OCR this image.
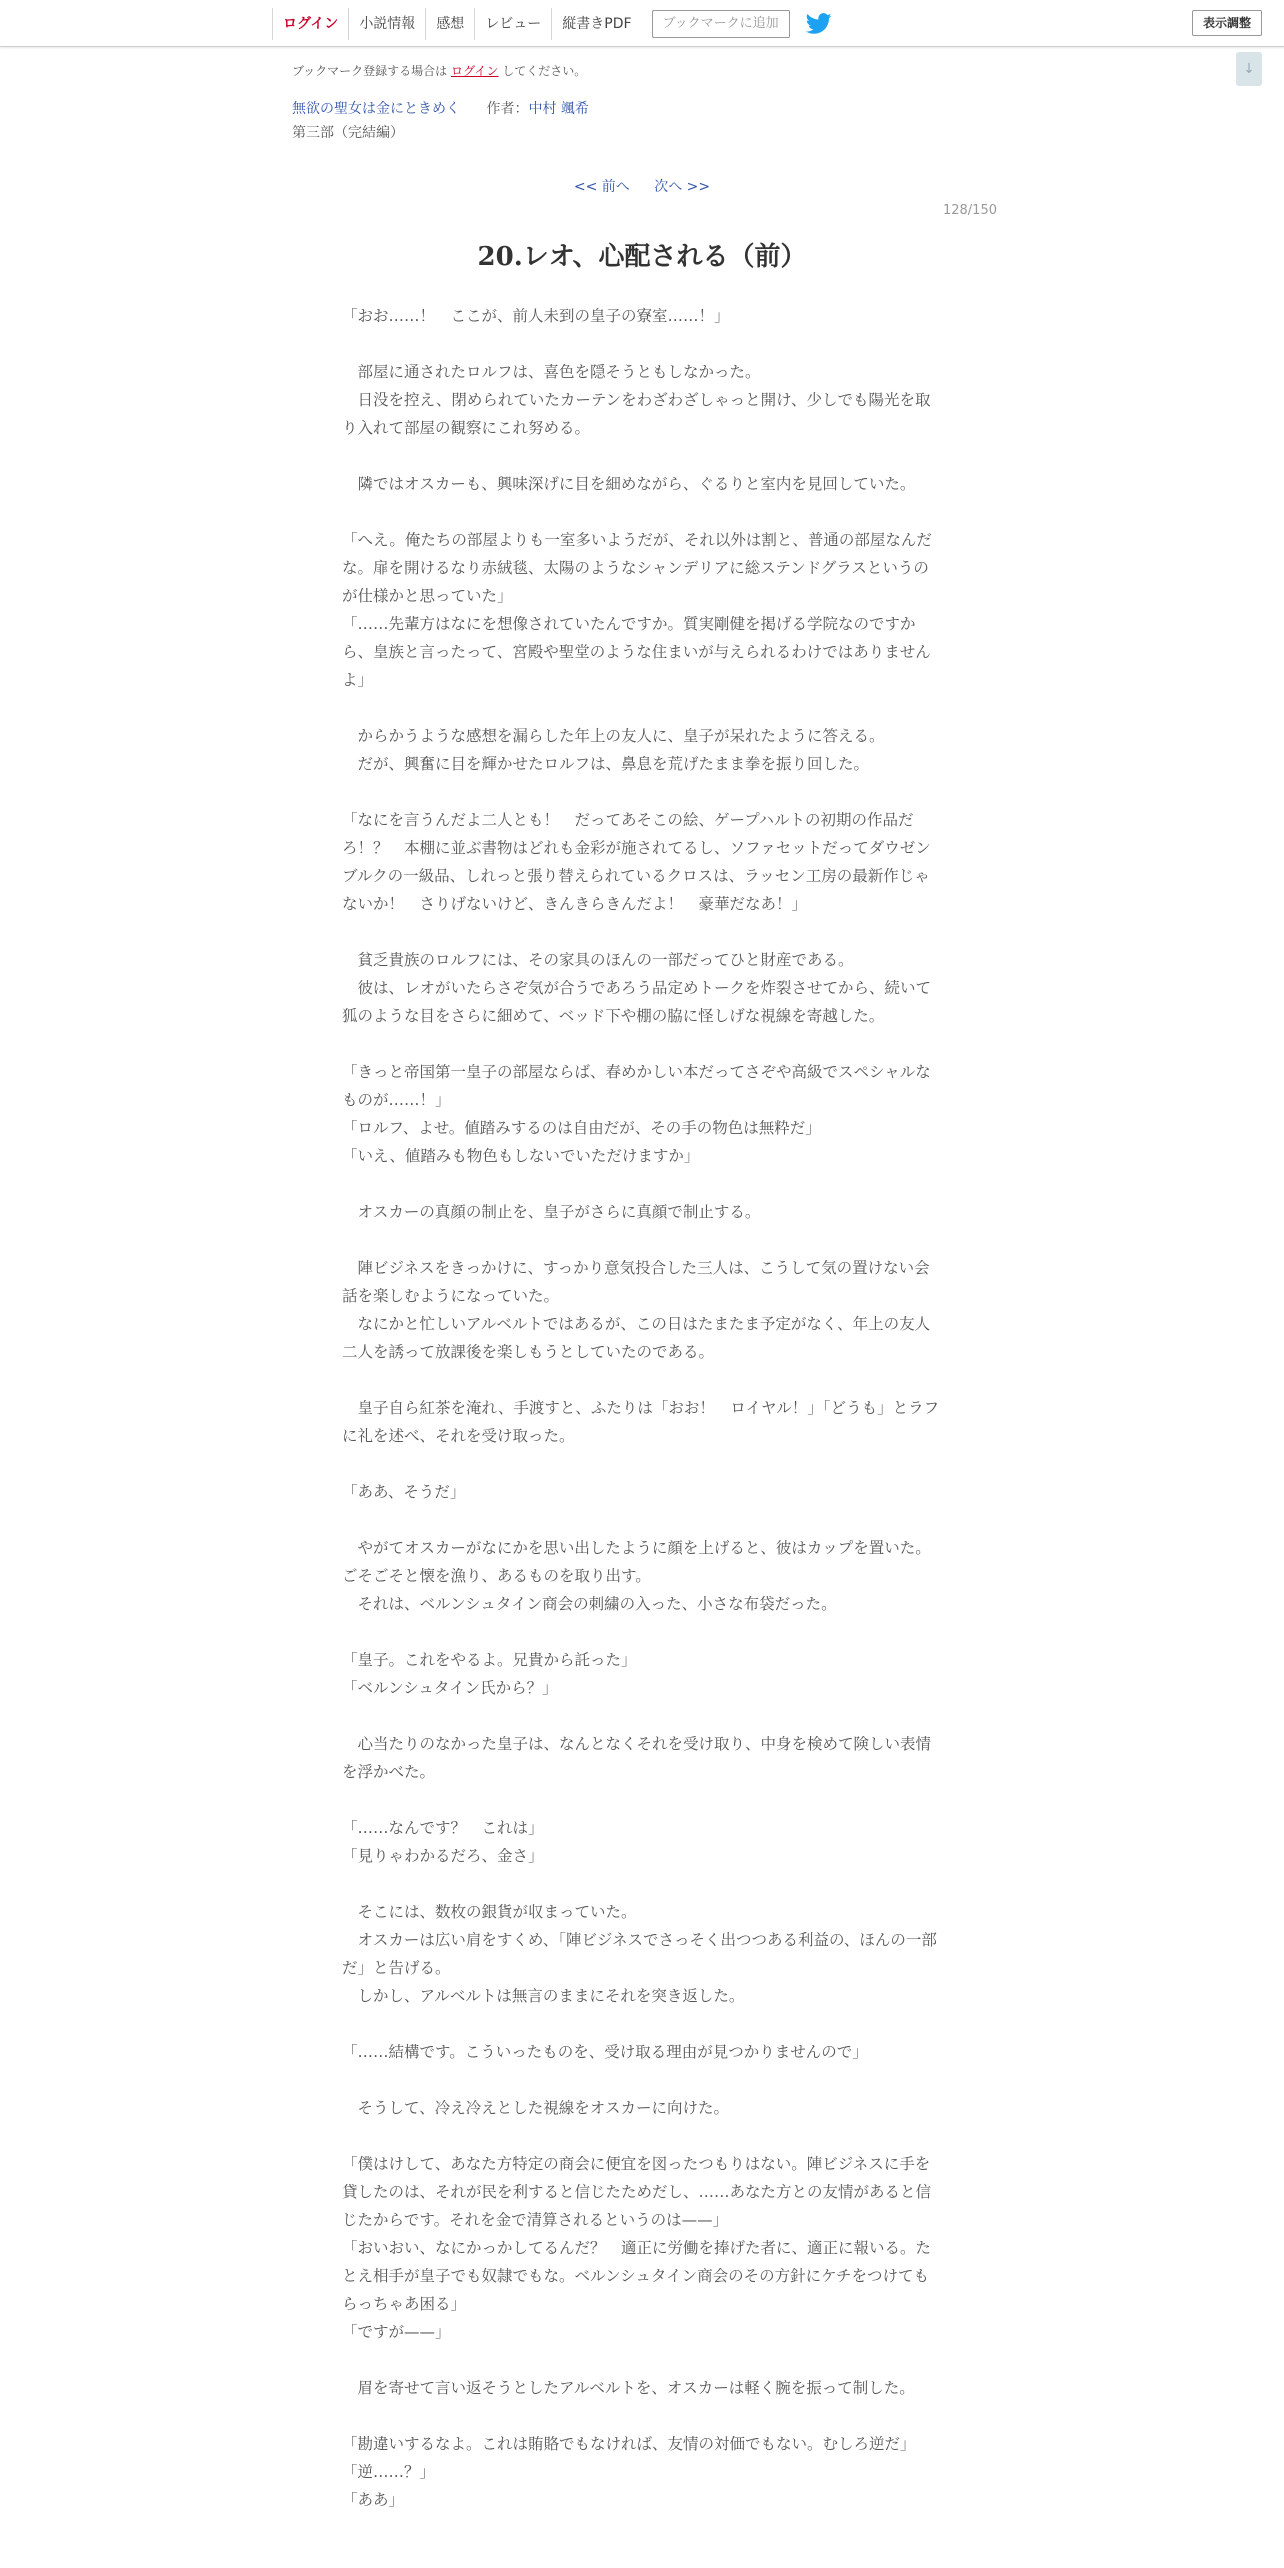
ログイン	小説情報	感想	レビュー	縦書きPDF	ブックマークに追加	表示調整
↓
ブックマーク登録する場合は ログイン してください。
無欲の聖女は金にときめく 作者：中村 颯希
第三部（完結編）
<< 前へ 次へ >>
128/150
20.レオ、心配される（前）

「おお……！　ここが、前人未到の皇子の寮室……！」

　部屋に通されたロルフは、喜色を隠そうともしなかった。

　日没を控え、閉められていたカーテンをわざわざしゃっと開け、少しでも陽光を取り入れて部屋の観察にこれ努める。

　隣ではオスカーも、興味深げに目を細めながら、ぐるりと室内を見回していた。

「へえ。俺たちの部屋よりも一室多いようだが、それ以外は割と、普通の部屋なんだな。扉を開けるなり赤絨毯、太陽のようなシャンデリアに総ステンドグラスというのが仕様かと思っていた」

「……先輩方はなにを想像されていたんですか。質実剛健を掲げる学院なのですから、皇族と言ったって、宮殿や聖堂のような住まいが与えられるわけではありませんよ」

　からかうような感想を漏らした年上の友人に、皇子が呆れたように答える。

　だが、興奮に目を輝かせたロルフは、鼻息を荒げたまま拳を振り回した。

「なにを言うんだよ二人とも！　だってあそこの絵、ゲープハルトの初期の作品だろ！？　本棚に並ぶ書物はどれも金彩が施されてるし、ソファセットだってダウゼンブルクの一級品、しれっと張り替えられているクロスは、ラッセン工房の最新作じゃないか！　さりげないけど、きんきらきんだよ！　豪華だなあ！」

　貧乏貴族のロルフには、その家具のほんの一部だってひと財産である。

　彼は、レオがいたらさぞ気が合うであろう品定めトークを炸裂させてから、続いて狐のような目をさらに細めて、ベッド下や棚の脇に怪しげな視線を寄越した。

「きっと帝国第一皇子の部屋ならば、春めかしい本だってさぞや高級でスペシャルなものが……！」

「ロルフ、よせ。値踏みするのは自由だが、その手の物色は無粋だ」

「いえ、値踏みも物色もしないでいただけますか」

　オスカーの真顔の制止を、皇子がさらに真顔で制止する。

　陣ビジネスをきっかけに、すっかり意気投合した三人は、こうして気の置けない会話を楽しむようになっていた。

　なにかと忙しいアルベルトではあるが、この日はたまたま予定がなく、年上の友人二人を誘って放課後を楽しもうとしていたのである。

　皇子自ら紅茶を淹れ、手渡すと、ふたりは「おお！　ロイヤル！」「どうも」とラフに礼を述べ、それを受け取った。

「ああ、そうだ」

　やがてオスカーがなにかを思い出したように顔を上げると、彼はカップを置いた。

ごそごそと懐を漁り、あるものを取り出す。

　それは、ベルンシュタイン商会の刺繍の入った、小さな布袋だった。

「皇子。これをやるよ。兄貴から託った」

「ベルンシュタイン氏から？」

　心当たりのなかった皇子は、なんとなくそれを受け取り、中身を検めて険しい表情を浮かべた。

「……なんです？　これは」

「見りゃわかるだろ、金さ」

　そこには、数枚の銀貨が収まっていた。

　オスカーは広い肩をすくめ、「陣ビジネスでさっそく出つつある利益の、ほんの一部だ」と告げる。

　しかし、アルベルトは無言のままにそれを突き返した。

「……結構です。こういったものを、受け取る理由が見つかりませんので」

　そうして、冷え冷えとした視線をオスカーに向けた。

「僕はけして、あなた方特定の商会に便宜を図ったつもりはない。陣ビジネスに手を貸したのは、それが民を利すると信じたためだし、……あなた方との友情があると信じたからです。それを金で清算されるというのは——」

「おいおい、なにかっかしてるんだ？　適正に労働を捧げた者に、適正に報いる。たとえ相手が皇子でも奴隷でもな。ベルンシュタイン商会のその方針にケチをつけてもらっちゃあ困る」

「ですが——」

　眉を寄せて言い返そうとしたアルベルトを、オスカーは軽く腕を振って制した。

「勘違いするなよ。これは賄賂でもなければ、友情の対価でもない。むしろ逆だ」

「逆……？」

「ああ」
